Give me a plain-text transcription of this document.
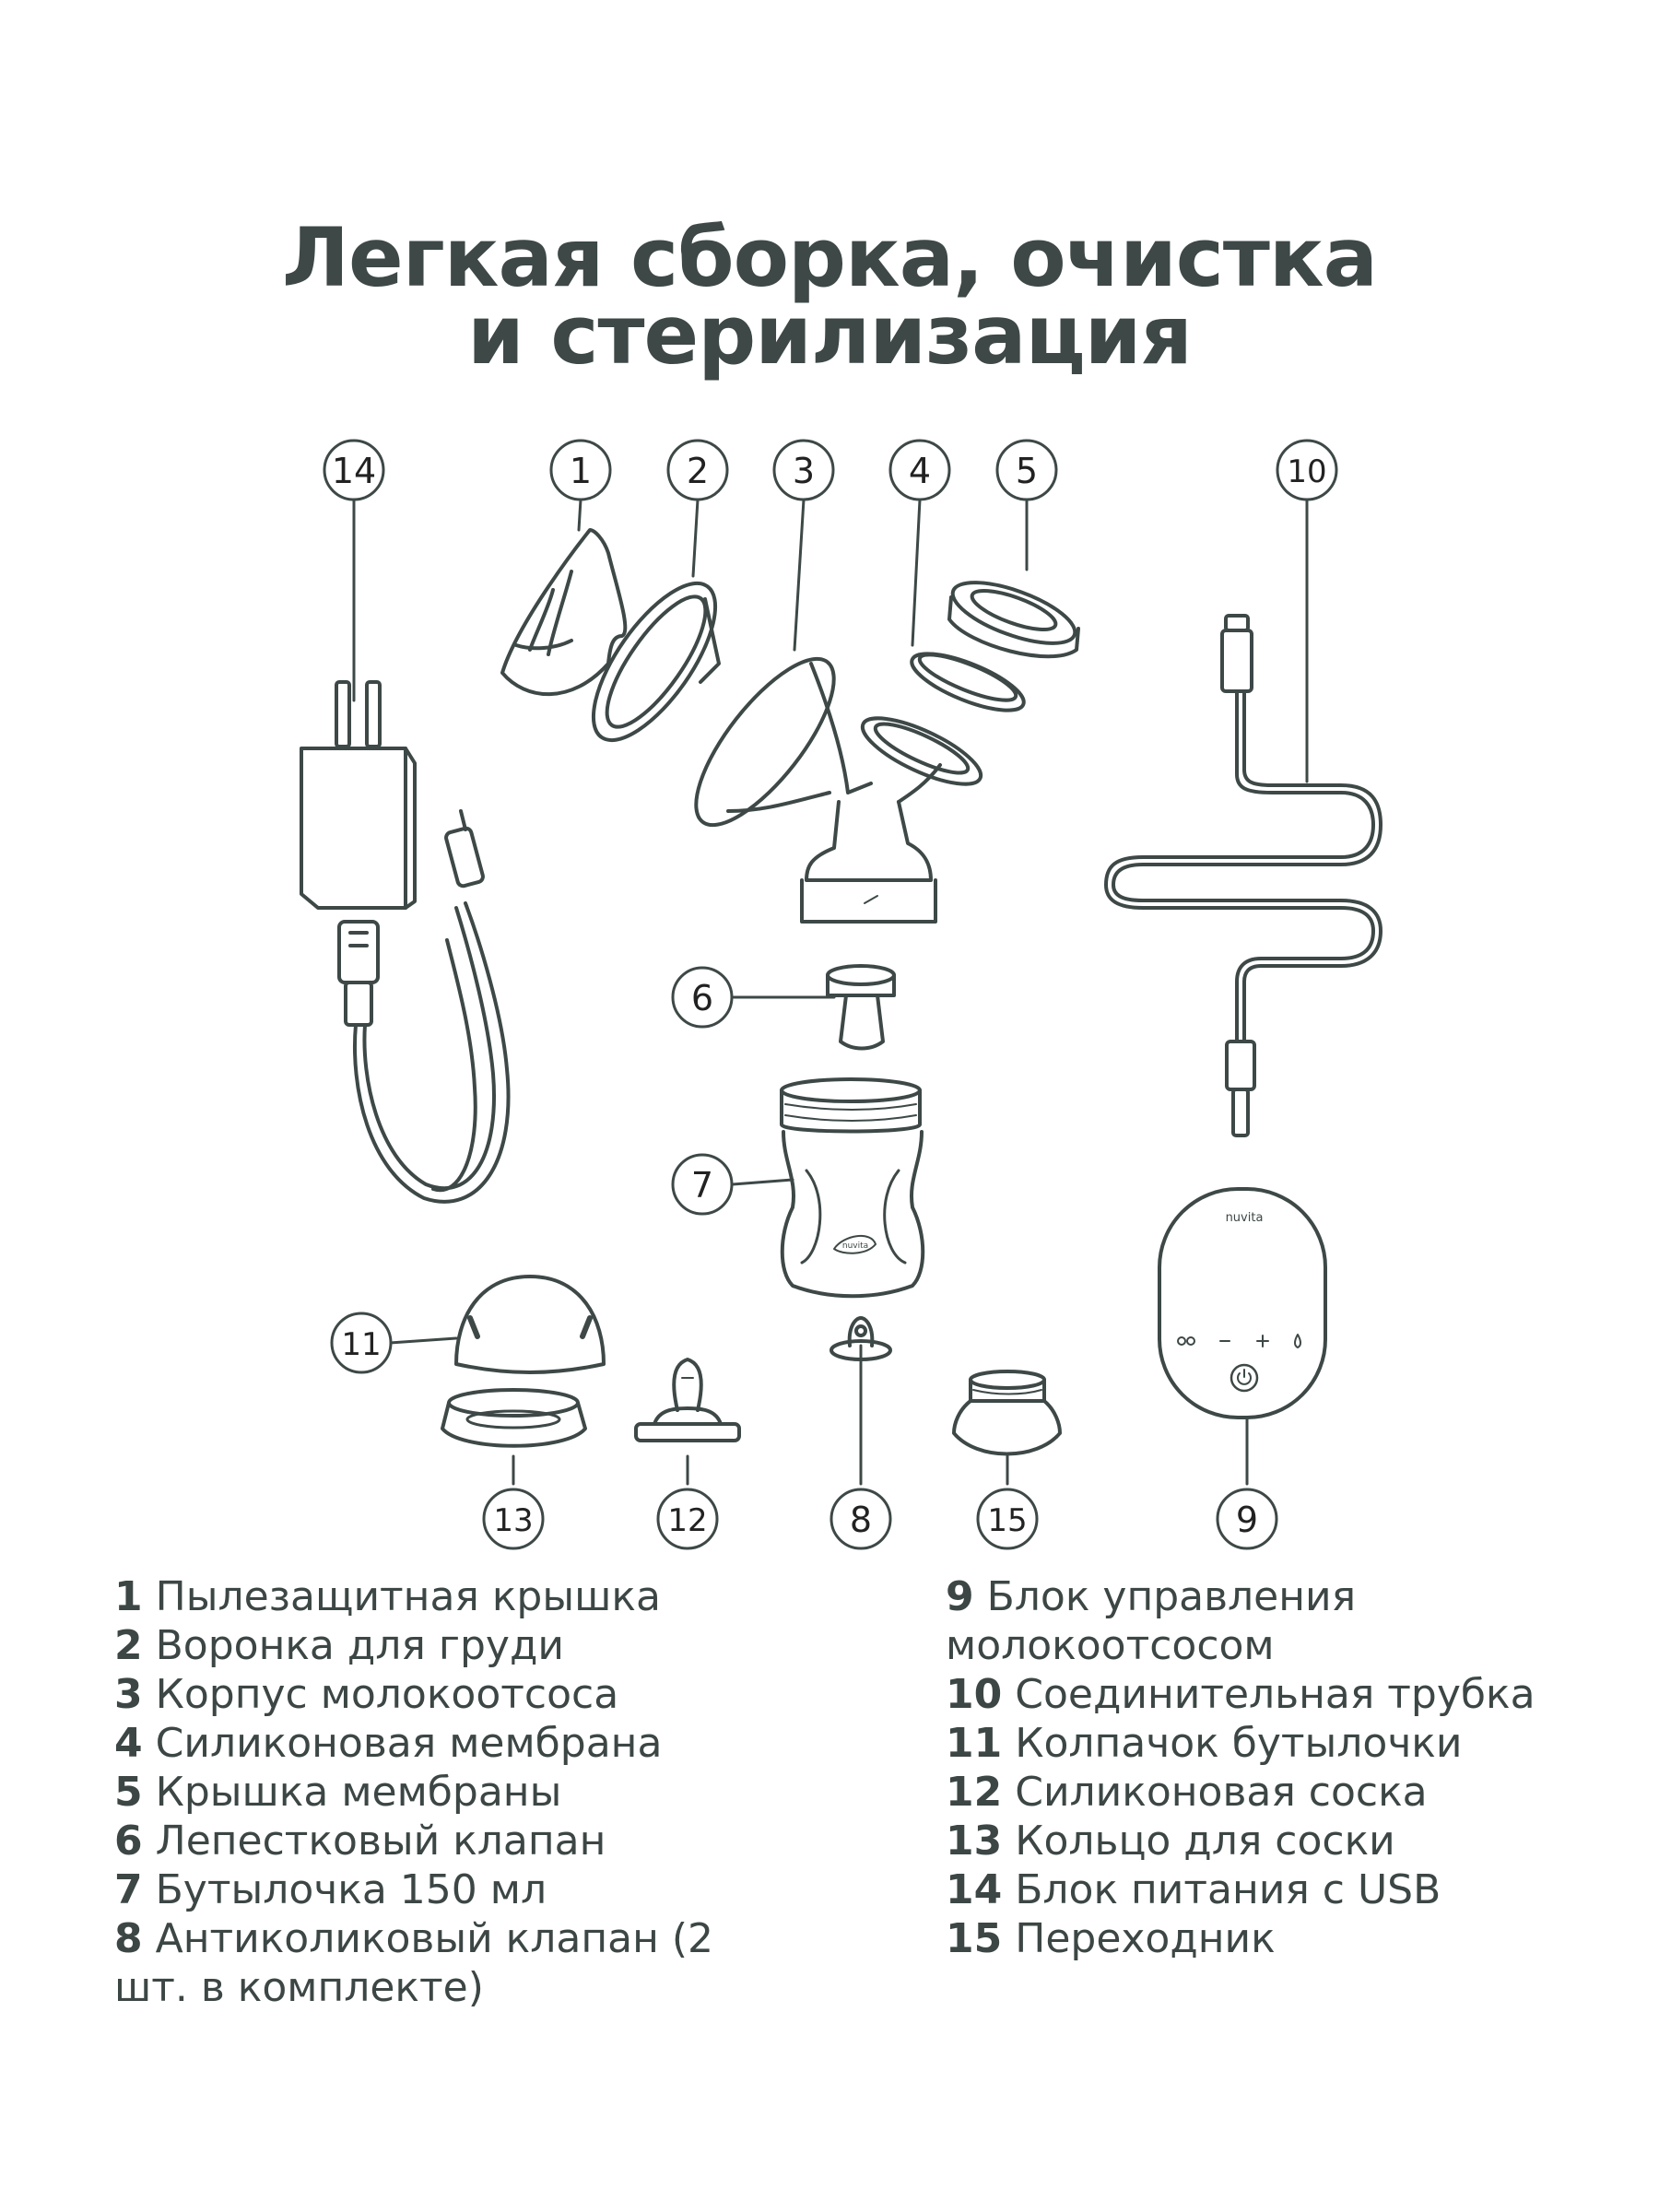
Легкая сборка, очистка
и стерилизация
nuvita
nuvita
14	1	2 3	4 5	10
6
7
11
13	12	8	15	9
1 Пылезащитная крышка
2 Воронка для груди
3 Корпус молокоотсоса
4 Силиконовая мембрана
5 Крышка мембраны
6 Лепестковый клапан
7 Бутылочка 150 мл
8 Антиколиковый клапан (2 шт. в комплекте)
9 Блок управления молокоотсосом
10 Соединительная трубка
11 Колпачок бутылочки
12 Силиконовая соска
13 Кольцо для соски
14 Блок питания с USB
15 Переходник
